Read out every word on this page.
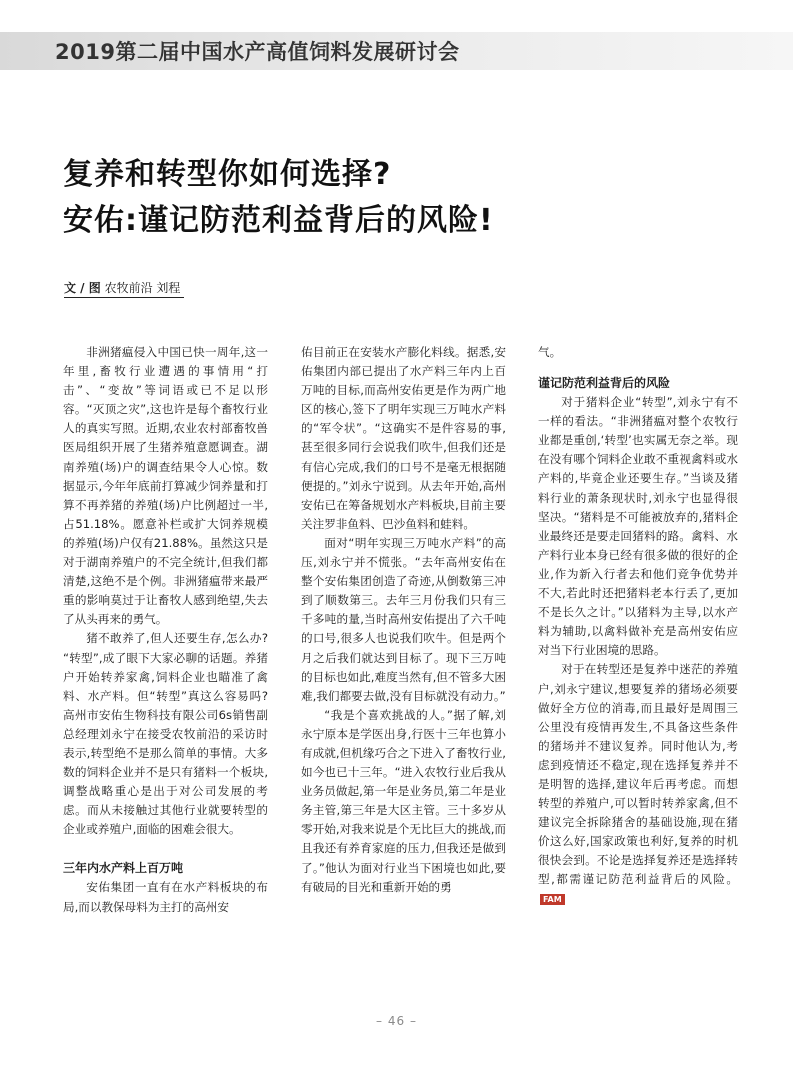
2019第二届中国水产高值饲料发展研讨会
复养和转型你如何选择?
安佑:谨记防范利益背后的风险!
文 / 图 农牧前沿 刘程

非洲猪瘟侵入中国已快一周年,这一年里,畜牧行业遭遇的事情用“打击”、“变故”等词语或已不足以形容。“灭顶之灾”,这也许是每个畜牧行业人的真实写照。近期,农业农村部畜牧兽医局组织开展了生猪养殖意愿调查。湖南养殖(场)户的调查结果令人心惊。数据显示,今年年底前打算减少饲养量和打算不再养猪的养殖(场)户比例超过一半,占51.18%。愿意补栏或扩大饲养规模的养殖(场)户仅有21.88%。虽然这只是对于湖南养殖户的不完全统计,但我们都清楚,这绝不是个例。非洲猪瘟带来最严重的影响莫过于让畜牧人感到绝望,失去了从头再来的勇气。

猪不敢养了,但人还要生存,怎么办? “转型”,成了眼下大家必聊的话题。养猪户开始转养家禽,饲料企业也瞄准了禽料、水产料。但“转型”真这么容易吗? 高州市安佑生物科技有限公司6s销售副总经理刘永宁在接受农牧前沿的采访时表示,转型绝不是那么简单的事情。大多数的饲料企业并不是只有猪料一个板块,调整战略重心是出于对公司发展的考虑。而从未接触过其他行业就要转型的企业或养殖户,面临的困难会很大。

三年内水产料上百万吨

安佑集团一直有在水产料板块的布局,而以教保母料为主打的高州安

佑目前正在安装水产膨化料线。据悉,安佑集团内部已提出了水产料三年内上百万吨的目标,而高州安佑更是作为两广地区的核心,签下了明年实现三万吨水产料的“军令状”。“这确实不是件容易的事,甚至很多同行会说我们吹牛,但我们还是有信心完成,我们的口号不是毫无根据随便提的。”刘永宁说到。从去年开始,高州安佑已在筹备规划水产料板块,目前主要关注罗非鱼料、巴沙鱼料和蛙料。

面对“明年实现三万吨水产料”的高压,刘永宁并不慌张。“去年高州安佑在整个安佑集团创造了奇迹,从倒数第三冲到了顺数第三。去年三月份我们只有三千多吨的量,当时高州安佑提出了六千吨的口号,很多人也说我们吹牛。但是两个月之后我们就达到目标了。现下三万吨的目标也如此,难度当然有,但不管多大困难,我们都要去做,没有目标就没有动力。”

“我是个喜欢挑战的人。”据了解,刘永宁原本是学医出身,行医十三年也算小有成就,但机缘巧合之下进入了畜牧行业,如今也已十三年。“进入农牧行业后我从业务员做起,第一年是业务员,第二年是业务主管,第三年是大区主管。三十多岁从零开始,对我来说是个无比巨大的挑战,而且我还有养育家庭的压力,但我还是做到了。”他认为面对行业当下困境也如此,要有破局的目光和重新开始的勇

气。

谨记防范利益背后的风险

对于猪料企业“转型”,刘永宁有不一样的看法。“非洲猪瘟对整个农牧行业都是重创,‘转型’也实属无奈之举。现在没有哪个饲料企业敢不重视禽料或水产料的,毕竟企业还要生存。”当谈及猪料行业的萧条现状时,刘永宁也显得很坚决。“猪料是不可能被放弃的,猪料企业最终还是要走回猪料的路。禽料、水产料行业本身已经有很多做的很好的企业,作为新入行者去和他们竞争优势并不大,若此时还把猪料老本行丢了,更加不是长久之计。”以猪料为主导,以水产料为辅助,以禽料做补充是高州安佑应对当下行业困境的思路。

对于在转型还是复养中迷茫的养殖户,刘永宁建议,想要复养的猪场必须要做好全方位的消毒,而且最好是周围三公里没有疫情再发生,不具备这些条件的猪场并不建议复养。同时他认为,考虑到疫情还不稳定,现在选择复养并不是明智的选择,建议年后再考虑。而想转型的养殖户,可以暂时转养家禽,但不建议完全拆除猪舍的基础设施,现在猪价这么好,国家政策也利好,复养的时机很快会到。不论是选择复养还是选择转型,都需谨记防范利益背后的风险。FAM

– 46 –
